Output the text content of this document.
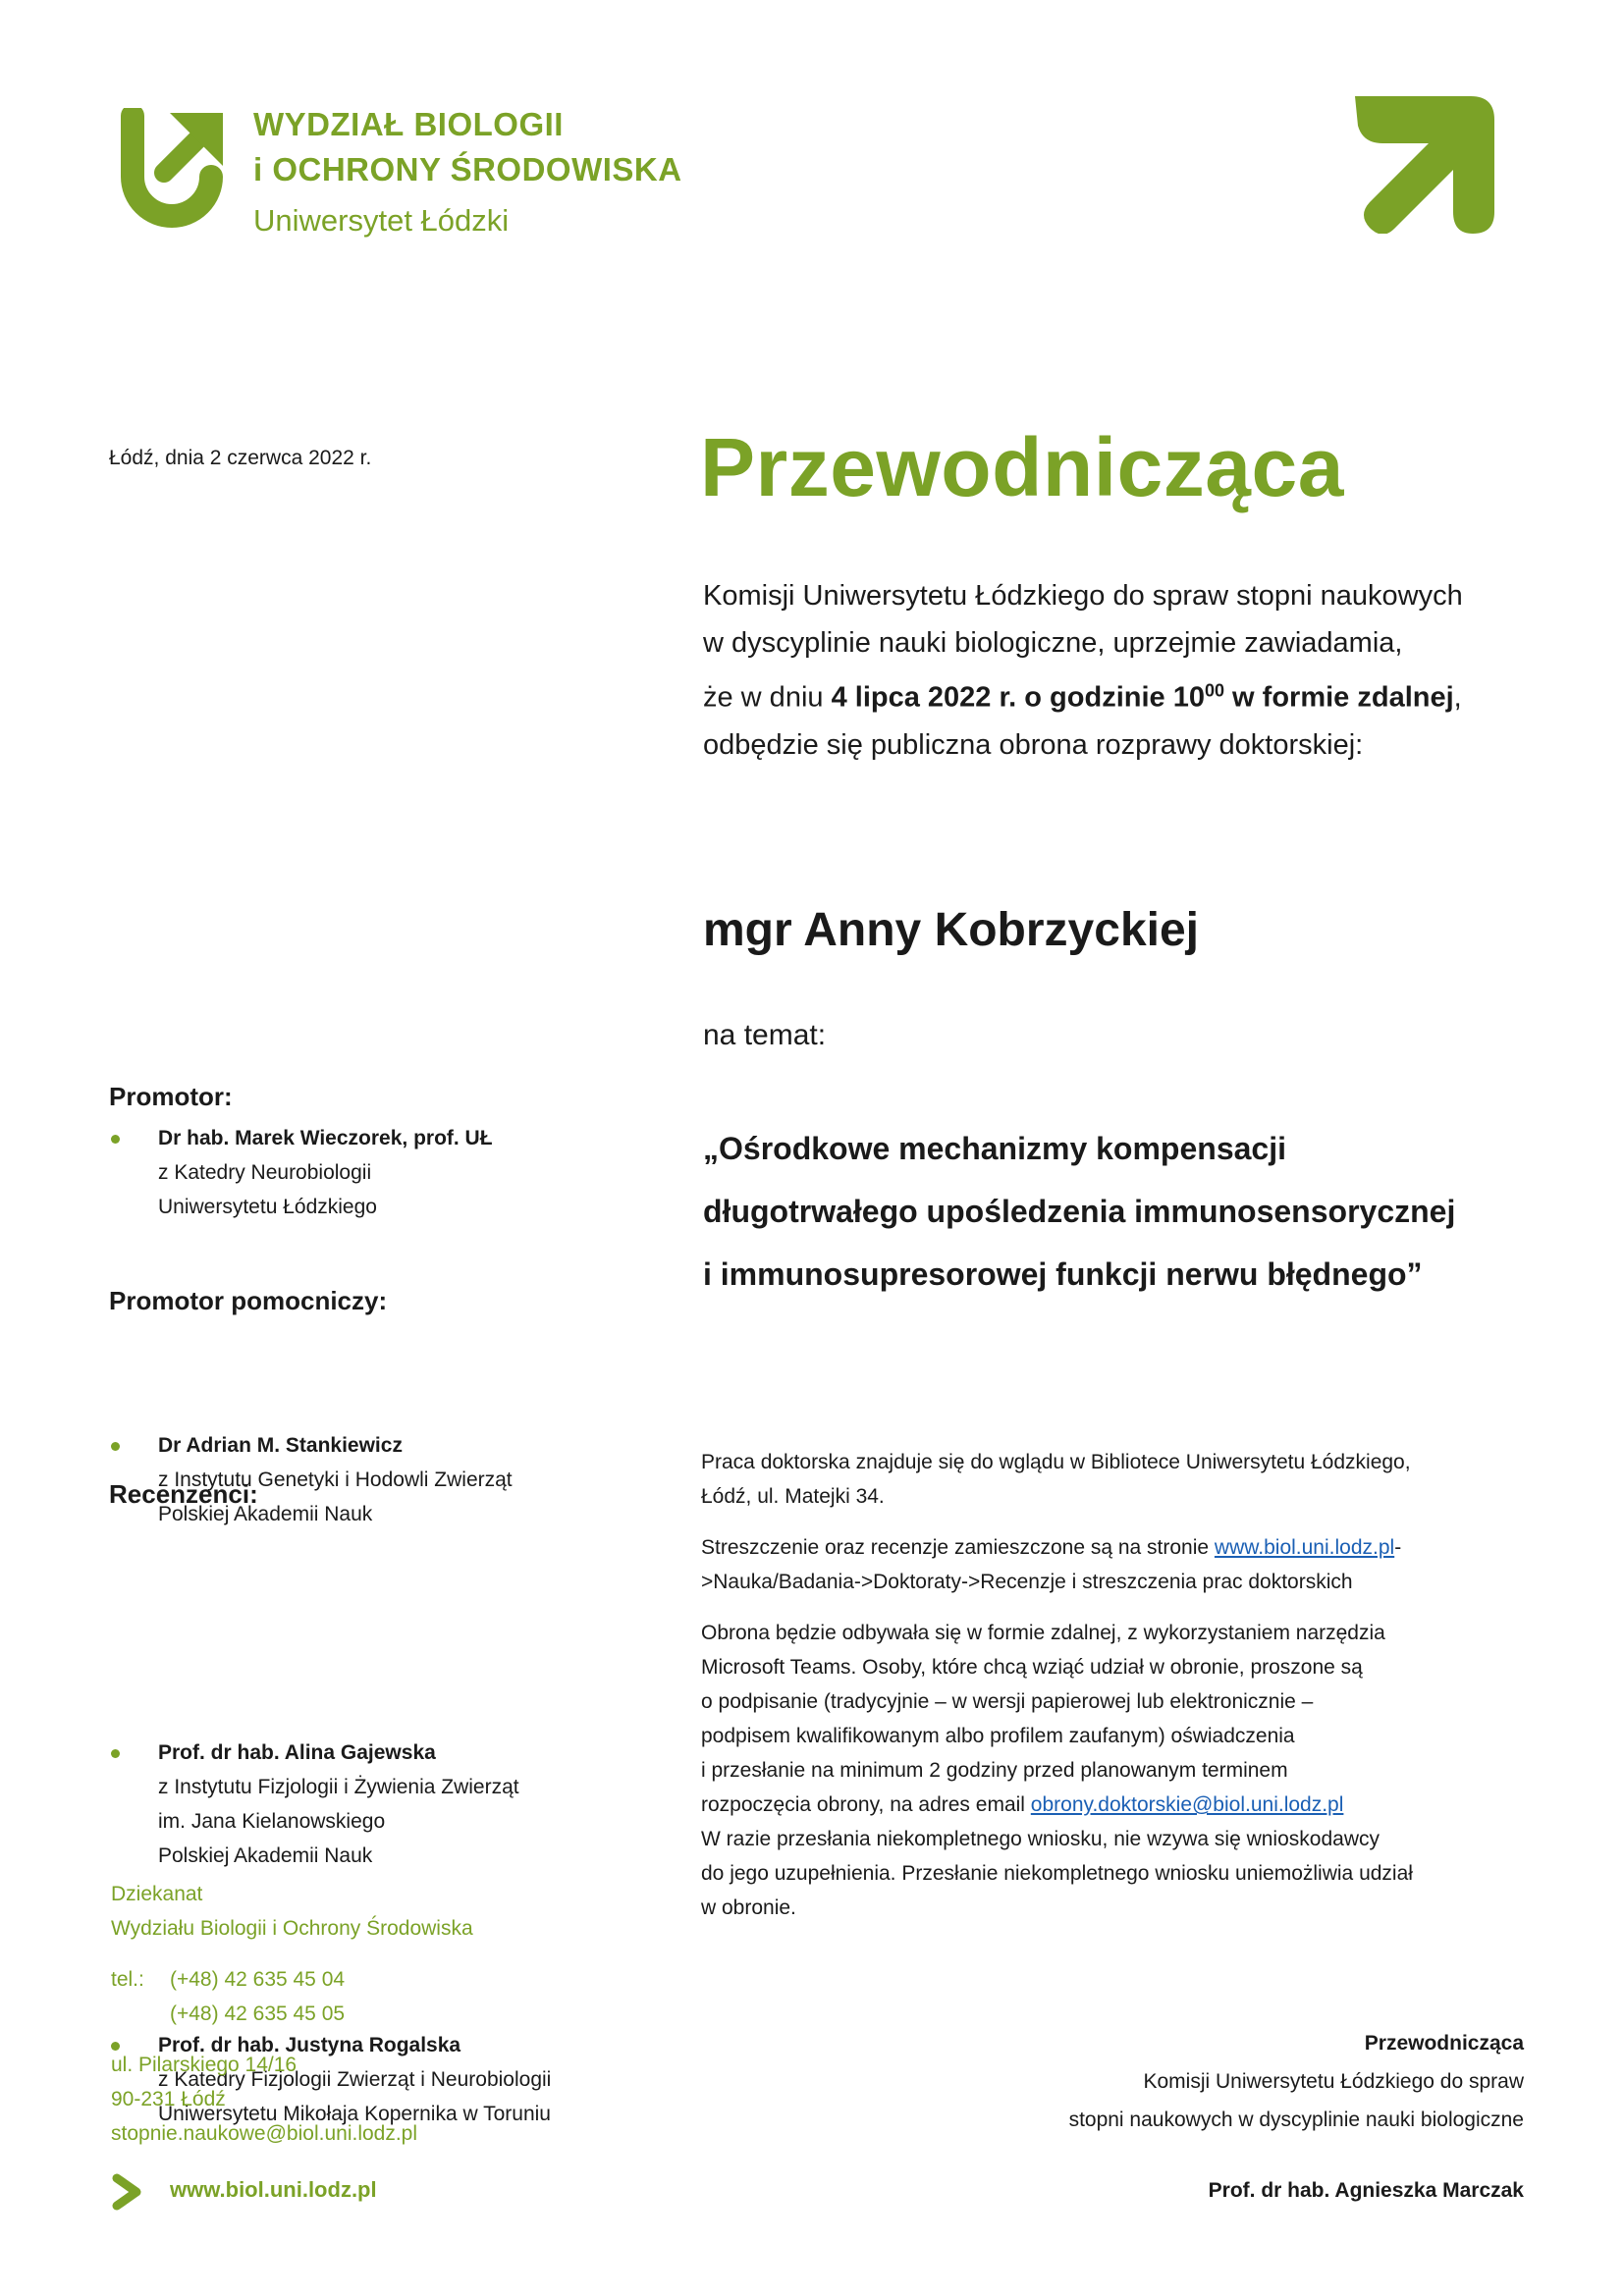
WYDZIAŁ BIOLOGII
i OCHRONY ŚRODOWISKA
Uniwersytet Łódzki
Łódź, dnia 2 czerwca 2022 r.	Przewodnicząca
Komisji Uniwersytetu Łódzkiego do spraw stopni naukowych
w dyscyplinie nauki biologiczne, uprzejmie zawiadamia,
że w dniu 4 lipca 2022 r. o godzinie $10^{00}$ w formie zdalnej,
odbędzie się publiczna obrona rozprawy doktorskiej:
mgr Anny Kobrzyckiej
na temat:
„Ośrodkowe mechanizmy kompensacji
długotrwałego upośledzenia immunosensorycznej
i immunosupresorowej funkcji nerwu błędnego”
Promotor:
Dr hab. Marek Wieczorek, prof. UŁ
z Katedry Neurobiologii
Uniwersytetu Łódzkiego
Promotor pomocniczy:
Dr Adrian M. Stankiewicz
z Instytutu Genetyki i Hodowli Zwierząt
Polskiej Akademii Nauk
Recenzenci:
Prof. dr hab. Alina Gajewska
z Instytutu Fizjologii i Żywienia Zwierząt
im. Jana Kielanowskiego
Polskiej Akademii Nauk
Prof. dr hab. Justyna Rogalska
z Katedry Fizjologii Zwierząt i Neurobiologii
Uniwersytetu Mikołaja Kopernika w Toruniu

Praca doktorska znajduje się do wglądu w Bibliotece Uniwersytetu Łódzkiego,
Łódź, ul. Matejki 34.

Streszczenie oraz recenzje zamieszczone są na stronie www.biol.uni.lodz.pl-
>Nauka/Badania->Doktoraty->Recenzje i streszczenia prac doktorskich

Obrona będzie odbywała się w formie zdalnej, z wykorzystaniem narzędzia
Microsoft Teams. Osoby, które chcą wziąć udział w obronie, proszone są
o podpisanie (tradycyjnie – w wersji papierowej lub elektronicznie –
podpisem kwalifikowanym albo profilem zaufanym) oświadczenia
i przesłanie na minimum 2 godziny przed planowanym terminem
rozpoczęcia obrony, na adres email obrony.doktorskie@biol.uni.lodz.pl
W razie przesłania niekompletnego wniosku, nie wzywa się wnioskodawcy
do jego uzupełnienia. Przesłanie niekompletnego wniosku uniemożliwia udział
w obronie.

Dziekanat
Wydziału Biologii i Ochrony Środowiska
tel.: (+48) 42 635 45 04
(+48) 42 635 45 05
ul. Pilarskiego 14/16
90-231 Łódź
stopnie.naukowe@biol.uni.lodz.pl
Przewodnicząca
Komisji Uniwersytetu Łódzkiego do spraw
stopni naukowych w dyscyplinie nauki biologiczne
Prof. dr hab. Agnieszka Marczak
www.biol.uni.lodz.pl
